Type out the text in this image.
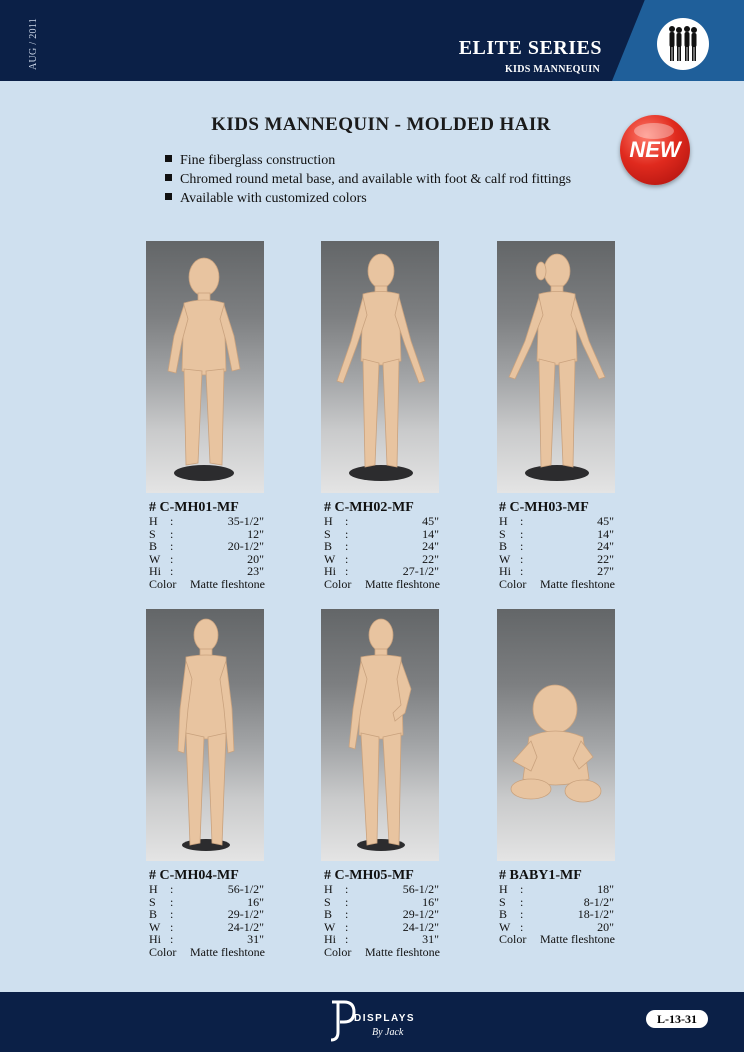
AUG / 2011	ELITE SERIES
KIDS MANNEQUIN
KIDS MANNEQUIN - MOLDED HAIR
NEW
Fine fiberglass construction
Chromed round metal base, and available with foot & calf rod fittings
Available with customized colors
# C-MH01-MF
H :	35-1/2"
S :	12"
B :	20-1/2"
W :	20"
Hi :	23"
Color Matte fleshtone
# C-MH02-MF
H :	45"
S :	14"
B :	24"
W :	22"
Hi :	27-1/2"
Color Matte fleshtone
# C-MH03-MF
H :	45"
S :	14"
B :	24"
W :	22"
Hi :	27"
Color Matte fleshtone
# C-MH04-MF
H :	56-1/2"
S :	16"
B :	29-1/2"
W :	24-1/2"
Hi :	31"
Color Matte fleshtone
# C-MH05-MF
H :	56-1/2"
S :	16"
B :	29-1/2"
W :	24-1/2"
Hi :	31"
Color Matte fleshtone
# BABY1-MF
H :	18"
S :	8-1/2"
B :	18-1/2"
W :	20"
Color Matte fleshtone
DISPLAYS
By Jack
L-13-31
